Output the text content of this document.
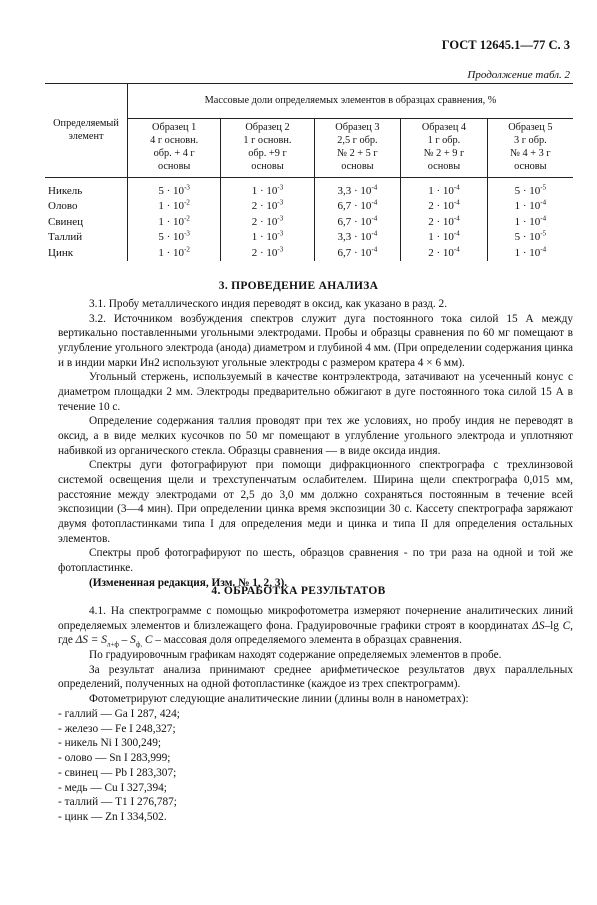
ГОСТ 12645.1—77 С. 3
Продолжение табл. 2
Определяемый элемент	Массовые доли определяемых элементов в образцах сравнения, %				
	Образец 1
4 г основн.
обр. + 4 г
основы	Образец 2
1 г основн.
обр. +9 г
основы	Образец 3
2,5 г обр.
№ 2 + 5 г
основы	Образец 4
1 г обр.
№ 2 + 9 г
основы	Образец 5
3 г обр.
№ 4 + 3 г
основы
Никель	$5 \cdot 10^{-3}$	$1 \cdot 10^{-3}$	$3,3 \cdot 10^{-4}$	$1 \cdot 10^{-4}$	$5 \cdot 10^{-5}$
Олово	$1 \cdot 10^{-2}$	$2 \cdot 10^{-3}$	$6,7 \cdot 10^{-4}$	$2 \cdot 10^{-4}$	$1 \cdot 10^{-4}$
Свинец	$1 \cdot 10^{-2}$	$2 \cdot 10^{-3}$	$6,7 \cdot 10^{-4}$	$2 \cdot 10^{-4}$	$1 \cdot 10^{-4}$
Таллий	$5 \cdot 10^{-3}$	$1 \cdot 10^{-3}$	$3,3 \cdot 10^{-4}$	$1 \cdot 10^{-4}$	$5 \cdot 10^{-5}$
Цинк	$1 \cdot 10^{-2}$	$2 \cdot 10^{-3}$	$6,7 \cdot 10^{-4}$	$2 \cdot 10^{-4}$	$1 \cdot 10^{-4}$
3. ПРОВЕДЕНИЕ АНАЛИЗА

3.1. Пробу металлического индия переводят в оксид, как указано в разд. 2.

3.2. Источником возбуждения спектров служит дуга постоянного тока силой 15 А между вертикально поставленными угольными электродами. Пробы и образцы сравнения по 60 мг помещают в углубление угольного электрода (анода) диаметром и глубиной 4 мм. (При определении содержания цинка и в индии марки Ин2 используют угольные электроды с размером кратера 4 × 6 мм).

Угольный стержень, используемый в качестве контрэлектрода, затачивают на усеченный конус с диаметром площадки 2 мм. Электроды предварительно обжигают в дуге постоянного тока силой 15 А в течение 10 с.

Определение содержания таллия проводят при тех же условиях, но пробу индия не переводят в оксид, а в виде мелких кусочков по 50 мг помещают в углубление угольного электрода и уплотняют набивкой из органического стекла. Образцы сравнения — в виде оксида индия.

Спектры дуги фотографируют при помощи дифракционного спектрографа с трехлинзовой системой освещения щели и трехступенчатым ослабителем. Ширина щели спектрографа 0,015 мм, расстояние между электродами от 2,5 до 3,0 мм должно сохраняться постоянным в течение всей экспозиции (3—4 мин). При определении цинка время экспозиции 30 с. Кассету спектрографа заряжают двумя фотопластинками типа I для определения меди и цинка и типа II для определения остальных элементов.

Спектры проб фотографируют по шесть, образцов сравнения - по три раза на одной и той же фотопластинке.

(Измененная редакция, Изм. № 1, 2, 3).

4. ОБРАБОТКА РЕЗУЛЬТАТОВ

4.1. На спектрограмме с помощью микрофотометра измеряют почернение аналитических линий определяемых элементов и близлежащего фона. Градуировочные графики строят в координатах ΔS–lg C, где $\Delta S = S_{л+ф} - S_{ф,}$ C – массовая доля определяемого элемента в образцах сравнения.

По градуировочным графикам находят содержание определяемых элементов в пробе.

За результат анализа принимают среднее арифметическое результатов двух параллельных определений, полученных на одной фотопластинке (каждое из трех спектрограмм).

Фотометрируют следующие аналитические линии (длины волн в нанометрах):

- галлий — Ga I 287, 424;
- железо — Fe I 248,327;
- никель Ni I 300,249;
- олово — Sn I 283,999;
- свинец — Pb I 283,307;
- медь — Cu I 327,394;
- таллий — T1 I 276,787;
- цинк — Zn I 334,502.
